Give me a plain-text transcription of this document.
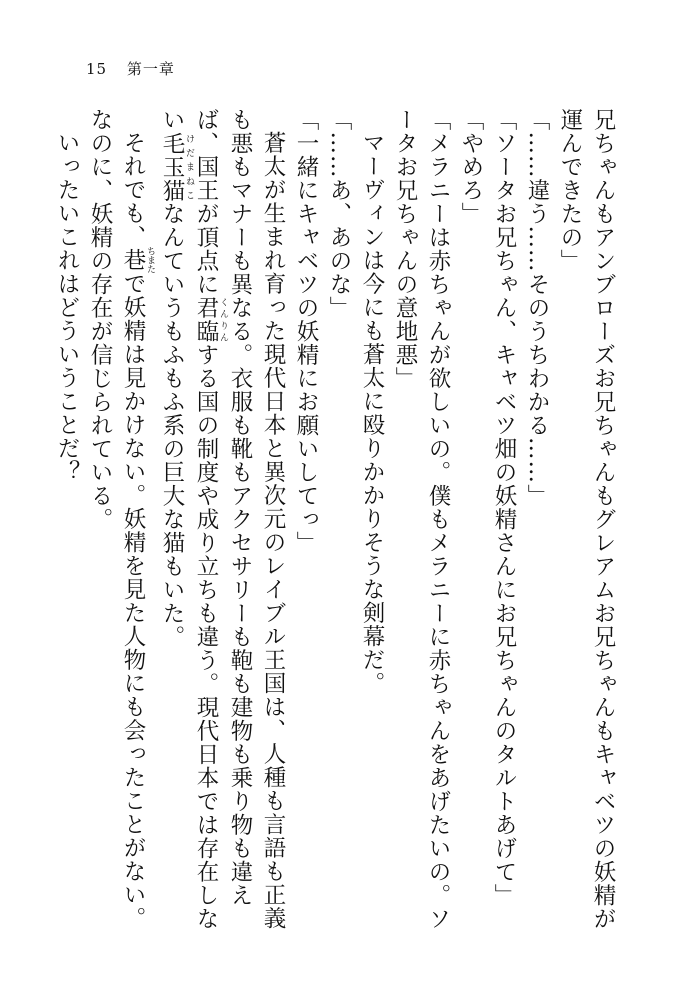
15 第一章

兄ちゃんもアンブローズお兄ちゃんもグレアムお兄ちゃんもキャベツの妖精が運んできたの」

「……違う……そのうちわかる……」

「ソータお兄ちゃん、キャベツ畑の妖精さんにお兄ちゃんのタルトあげて」

「やめろ」

「メラニーは赤ちゃんが欲しいの。僕もメラニーに赤ちゃんをあげたいの。ソータお兄ちゃんの意地悪」

マーヴィンは今にも蒼太に殴りかかりそうな剣幕だ。

「……あ、あのな」

「一緒にキャベツの妖精にお願いしてっ」

蒼太が生まれ育った現代日本と異次元のレイブル王国は、人種も言語も正義も悪もマナーも異なる。衣服も靴もアクセサリーも鞄も建物も乗り物も違えば、国王が頂点に君臨 くんりんする国の制度や成り立ちも違う。現代日本では存在しない毛玉猫 けだまねこなんていうもふもふ系の巨大な猫もいた。

それでも、巷 ちまたで妖精は見かけない。妖精を見た人物にも会ったことがない。なのに、妖精の存在が信じられている。

いったいこれはどういうことだ？
